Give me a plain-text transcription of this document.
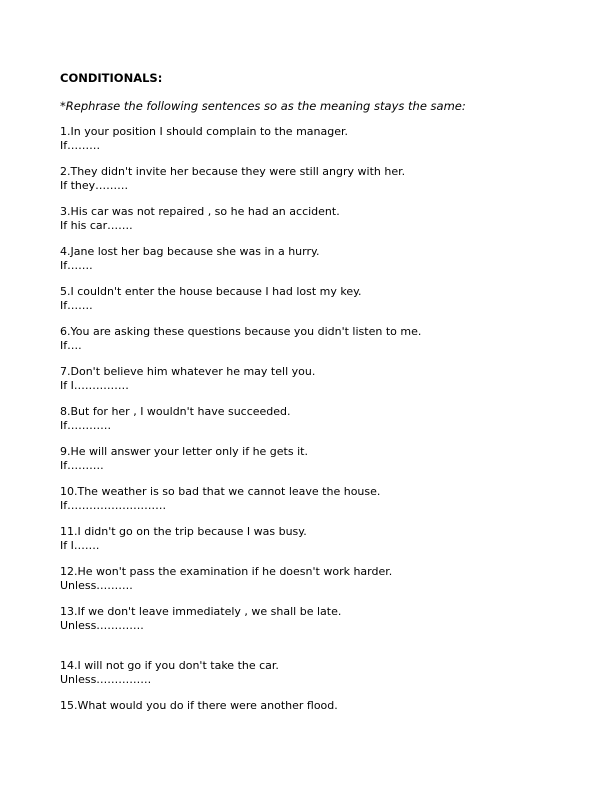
CONDITIONALS:
*Rephrase the following sentences so as the meaning stays the same:
1.In your position I should complain to the manager.
If………
2.They didn't invite her because they were still angry with her.
If they………
3.His car was not repaired , so he had an accident.
If his car…….
4.Jane lost her bag because she was in a hurry.
If…….
5.I couldn't enter the house because I had lost my key.
If…….
6.You are asking these questions because you didn't listen to me.
If….
7.Don't believe him whatever he may tell you.
If I……………
8.But for her , I wouldn't have succeeded.
If…………
9.He will answer your letter only if he gets it.
If……….
10.The weather is so bad that we cannot leave the house.
If………………………
11.I didn't go on the trip because I was busy.
If I…….
12.He won't pass the examination if he doesn't work harder.
Unless……….
13.If we don't leave immediately , we shall be late.
Unless………….
14.I will not go if you don't take the car.
Unless……………
15.What would you do if there were another flood.
